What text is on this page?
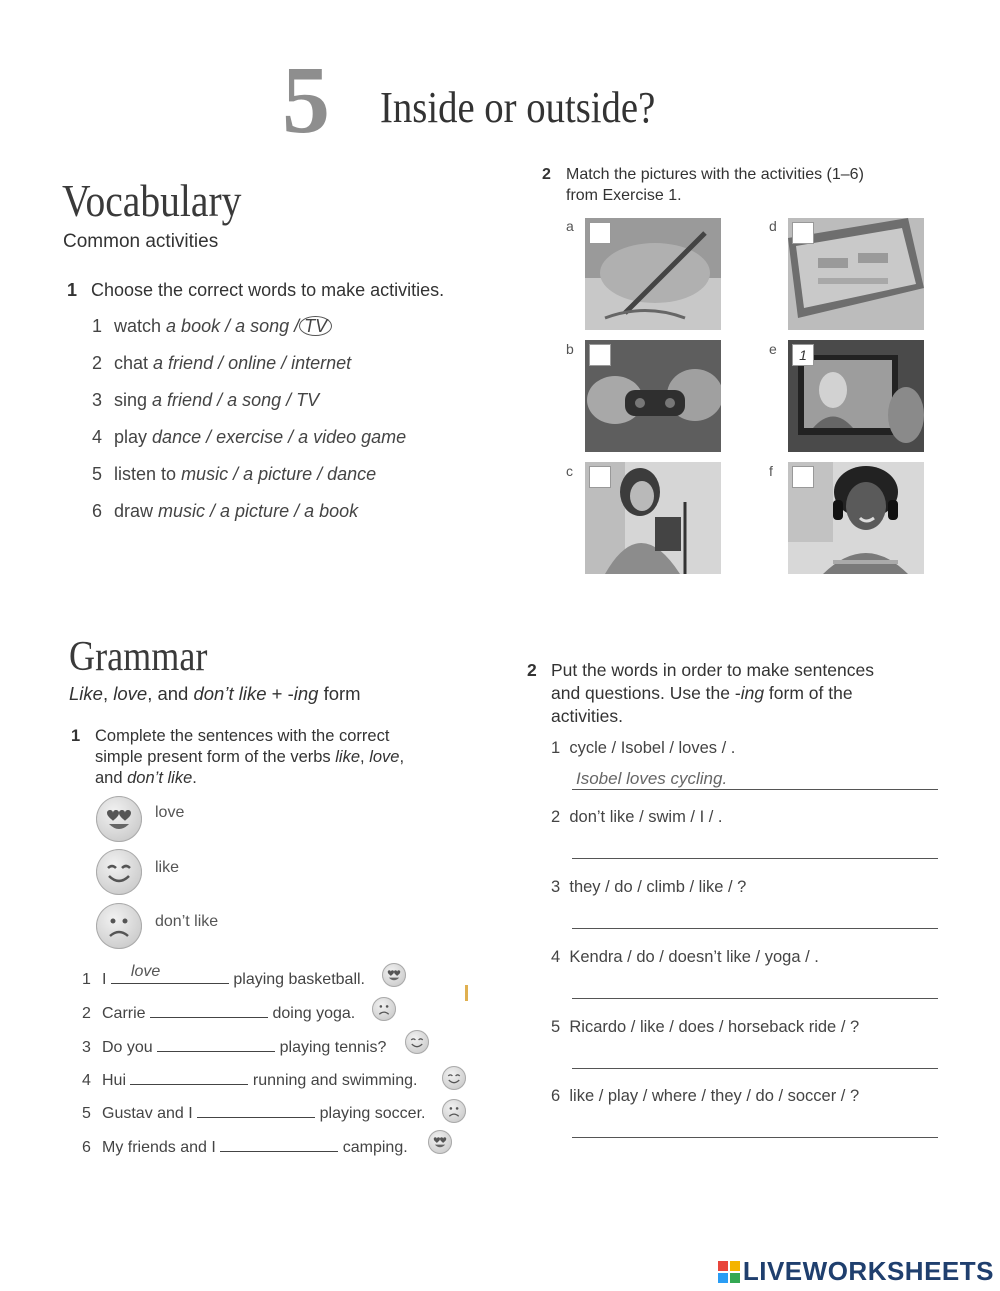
5 Inside or outside?
Vocabulary
Common activities
1 Choose the correct words to make activities.
1 watch a book / a song / TV
2 chat a friend / online / internet
3 sing a friend / a song / TV
4 play dance / exercise / a video game
5 listen to music / a picture / dance
6 draw music / a picture / a book
2 Match the pictures with the activities (1–6)
from Exercise 1.
a
b
c
d
e	1
f
Grammar
Like, love, and don’t like + -ing form
1 Complete the sentences with the correct
simple present form of the verbs like, love,
and don’t like.
love
like
don’t like
1 I love	playing basketball.
2 Carrie	doing yoga.
3 Do you	playing tennis?
4 Hui	running and swimming.
5 Gustav and I	playing soccer.
6 My friends and I	camping.
2 Put the words in order to make sentences
and questions. Use the -ing form of the
activities.
1 cycle / Isobel / loves / .
Isobel loves cycling.
2 don’t like / swim / I / .
3 they / do / climb / like / ?
4 Kendra / do / doesn’t like / yoga / .
5 Ricardo / like / does / horseback ride / ?
6 like / play / where / they / do / soccer / ?
LIVEWORKSHEETS
